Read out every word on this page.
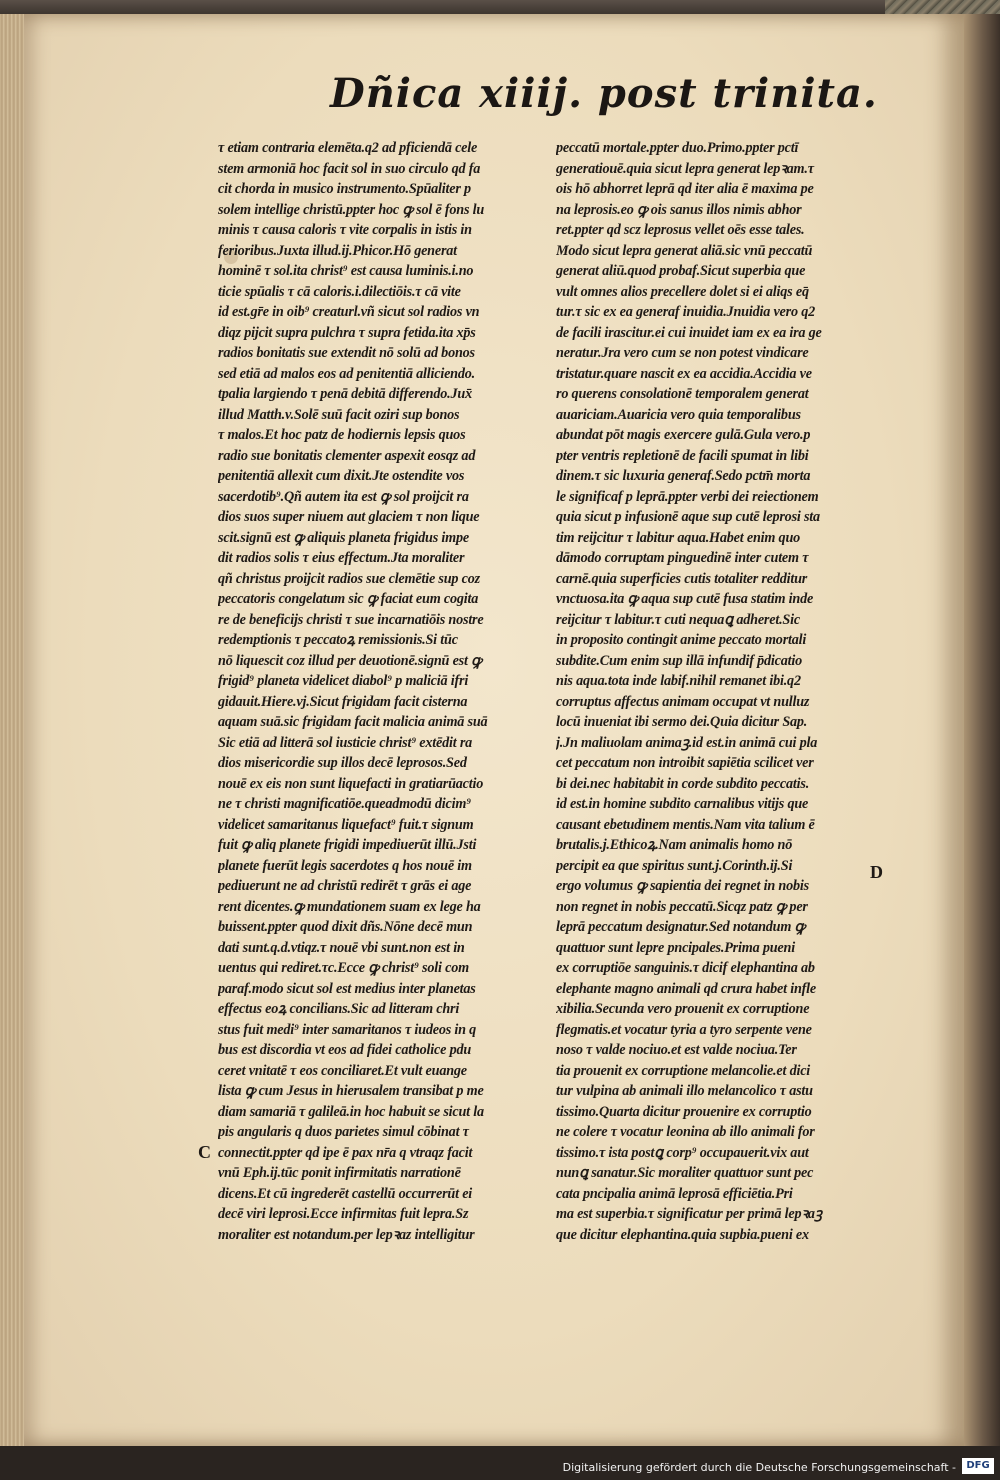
Dñica xiiij. post trinita.
τ etiam contraria elemēta.q2 ad pficiendā cele
stem armoniā hoc facit sol in suo circulo qd fa
cit chorda in musico instrumento.Spūaliter p
solem intellige christū.ppter hoc ꝙ sol ē fons lu
minis τ causa caloris τ vite corpalis in istis in
ferioribus.Juxta illud.ij.Phicor.Hō generat
hominē τ sol.ita christ⁹ est causa luminis.i.no
ticie spūalis τ cā caloris.i.dilectiōis.τ cā vite
id est.gr̄e in oib⁹ creaturl.vñ sicut sol radios vn
diqz pijcit supra pulchra τ supra fetida.ita xp̄s
radios bonitatis sue extendit nō solū ad bonos
sed etiā ad malos eos ad penitentiā alliciendo.
tpalia largiendo τ penā debitā differendo.Jux̄
illud Matth.v.Solē suū facit oziri sup bonos
τ malos.Et hoc patz de hodiernis lepsis quos
radio sue bonitatis clementer aspexit eosqz ad
penitentiā allexit cum dixit.Jte ostendite vos
sacerdotib⁹.Qñ autem ita est ꝙ sol proijcit ra
dios suos super niuem aut glaciem τ non lique
scit.signū est ꝙ aliquis planeta frigidus impe
dit radios solis τ eius effectum.Jta moraliter
qñ christus proijcit radios sue clemētie sup coz
peccatoris congelatum sic ꝙ faciat eum cogita
re de beneficijs christi τ sue incarnatiōis nostre
redemptionis τ peccatoꝝ remissionis.Si tūc
nō liquescit coz illud per deuotionē.signū est ꝙ
frigid⁹ planeta videlicet diabol⁹ p maliciā ifri
gidauit.Hiere.vj.Sicut frigidam facit cisterna
aquam suā.sic frigidam facit malicia animā suā
Sic etiā ad litterā sol iusticie christ⁹ extēdit ra
dios misericordie sup illos decē leprosos.Sed
nouē ex eis non sunt liquefacti in gratiarūactio
ne τ christi magnificatiōe.queadmodū dicim⁹
videlicet samaritanus liquefact⁹ fuit.τ signum
fuit ꝙ aliq planete frigidi impediuerūt illū.Jsti
planete fuerūt legis sacerdotes q hos nouē im
pediuerunt ne ad christū redirēt τ grās ei age
rent dicentes.ꝙ mundationem suam ex lege ha
buissent.ppter quod dixit dñs.Nōne decē mun
dati sunt.q.d.vtiqz.τ nouē vbi sunt.non est in
uentus qui rediret.τc.Ecce ꝙ christ⁹ soli com
paraf.modo sicut sol est medius inter planetas
effectus eoꝝ concilians.Sic ad litteram chri
stus fuit medi⁹ inter samaritanos τ iudeos in q
bus est discordia vt eos ad fidei catholice pdu
ceret vnitatē τ eos conciliaret.Et vult euange
lista ꝙ cum Jesus in hierusalem transibat p me
diam samariā τ galileā.in hoc habuit se sicut la
pis angularis q duos parietes simul cōbinat τ
connectit.ppter qd ipe ē pax nr̄a q vtraqz facit
vnū Eph.ij.tūc ponit infirmitatis narrationē
dicens.Et cū ingrederēt castellū occurrerūt ei
decē viri leprosi.Ecce infirmitas fuit lepra.Sz
moraliter est notandum.per lepꝛaz intelligitur
peccatū mortale.ppter duo.Primo.ppter pctī
generatiouē.quia sicut lepra generat lepꝛam.τ
ois hō abhorret leprā qd iter alia ē maxima pe
na leprosis.eo ꝙ ois sanus illos nimis abhor
ret.ppter qd scz leprosus vellet oēs esse tales.
Modo sicut lepra generat aliā.sic vnū peccatū
generat aliū.quod probaf.Sicut superbia que
vult omnes alios precellere dolet si ei aliqs eq̄
tur.τ sic ex ea generaf inuidia.Jnuidia vero q2
de facili irascitur.ei cui inuidet iam ex ea ira ge
neratur.Jra vero cum se non potest vindicare
tristatur.quare nascit ex ea accidia.Accidia ve
ro querens consolationē temporalem generat
auariciam.Auaricia vero quia temporalibus
abundat pōt magis exercere gulā.Gula vero.p
pter ventris repletionē de facili spumat in libi
dinem.τ sic luxuria generaf.Sedo pctm̄ morta
le significaf p leprā.ppter verbi dei reiectionem
quia sicut p infusionē aque sup cutē leprosi sta
tim reijcitur τ labitur aqua.Habet enim quo
dāmodo corruptam pinguedinē inter cutem τ
carnē.quia superficies cutis totaliter redditur
vnctuosa.ita ꝙ aqua sup cutē fusa statim inde
reijcitur τ labitur.τ cuti nequaꝗ adheret.Sic
in proposito contingit anime peccato mortali
subdite.Cum enim sup illā infundif p̄dicatio
nis aqua.tota inde labif.nihil remanet ibi.q2
corruptus affectus animam occupat vt nulluz
locū inueniat ibi sermo dei.Quia dicitur Sap.
j.Jn maliuolam animaꝫ.id est.in animā cui pla
cet peccatum non introibit sapiētia scilicet ver
bi dei.nec habitabit in corde subdito peccatis.
id est.in homine subdito carnalibus vitijs que
causant ebetudinem mentis.Nam vita talium ē
brutalis.j.Ethicoꝝ.Nam animalis homo nō
percipit ea que spiritus sunt.j.Corinth.ij.Si
ergo volumus ꝙ sapientia dei regnet in nobis
non regnet in nobis peccatū.Sicqz patz ꝙ per
leprā peccatum designatur.Sed notandum ꝙ
quattuor sunt lepre pncipales.Prima pueni
ex corruptiōe sanguinis.τ dicif elephantina ab
elephante magno animali qd crura habet infle
xibilia.Secunda vero prouenit ex corruptione
flegmatis.et vocatur tyria a tyro serpente vene
noso τ valde nociuo.et est valde nociua.Ter
tia prouenit ex corruptione melancolie.et dici
tur vulpina ab animali illo melancolico τ astu
tissimo.Quarta dicitur prouenire ex corruptio
ne colere τ vocatur leonina ab illo animali for
tissimo.τ ista postꝗ corp⁹ occupauerit.vix aut
nunꝗ sanatur.Sic moraliter quattuor sunt pec
cata pncipalia animā leprosā efficiētia.Pri
ma est superbia.τ significatur per primā lepꝛaꝫ
que dicitur elephantina.quia supbia.pueni ex
C
D
Digitalisierung gefördert durch die Deutsche Forschungsgemeinschaft -	DFG
